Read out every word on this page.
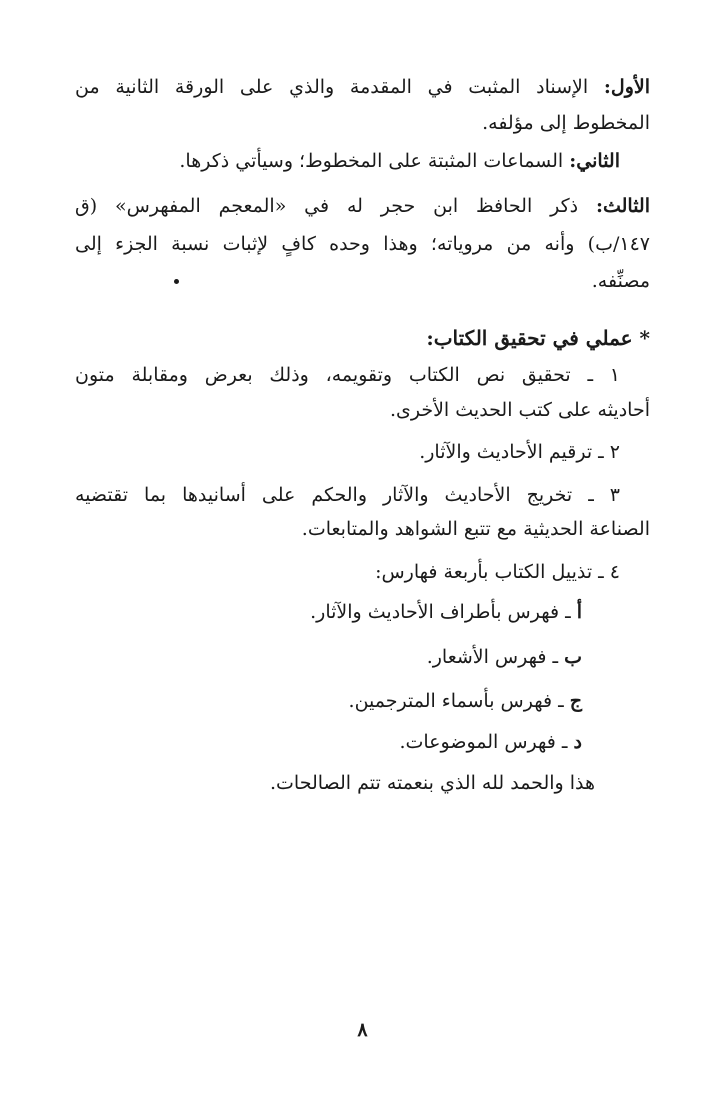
الأول: الإسناد المثبت في المقدمة والذي على الورقة الثانية من
المخطوط إلى مؤلفه.
الثاني: السماعات المثبتة على المخطوط؛ وسيأتي ذكرها.
الثالث: ذكر الحافظ ابن حجر له في «المعجم المفهرس» (ق
١٤٧/ب) وأنه من مروياته؛ وهذا وحده كافٍ لإثبات نسبة الجزء إلى
مصنِّفه.
* عملي في تحقيق الكتاب:
١ ـ تحقيق نص الكتاب وتقويمه، وذلك بعرض ومقابلة متون
أحاديثه على كتب الحديث الأخرى.
٢ ـ ترقيم الأحاديث والآثار.
٣ ـ تخريج الأحاديث والآثار والحكم على أسانيدها بما تقتضيه
الصناعة الحديثية مع تتبع الشواهد والمتابعات.
٤ ـ تذييل الكتاب بأربعة فهارس:
أ ـ فهرس بأطراف الأحاديث والآثار.
ب ـ فهرس الأشعار.
ج ـ فهرس بأسماء المترجمين.
د ـ فهرس الموضوعات.
هذا والحمد لله الذي بنعمته تتم الصالحات.
٨
